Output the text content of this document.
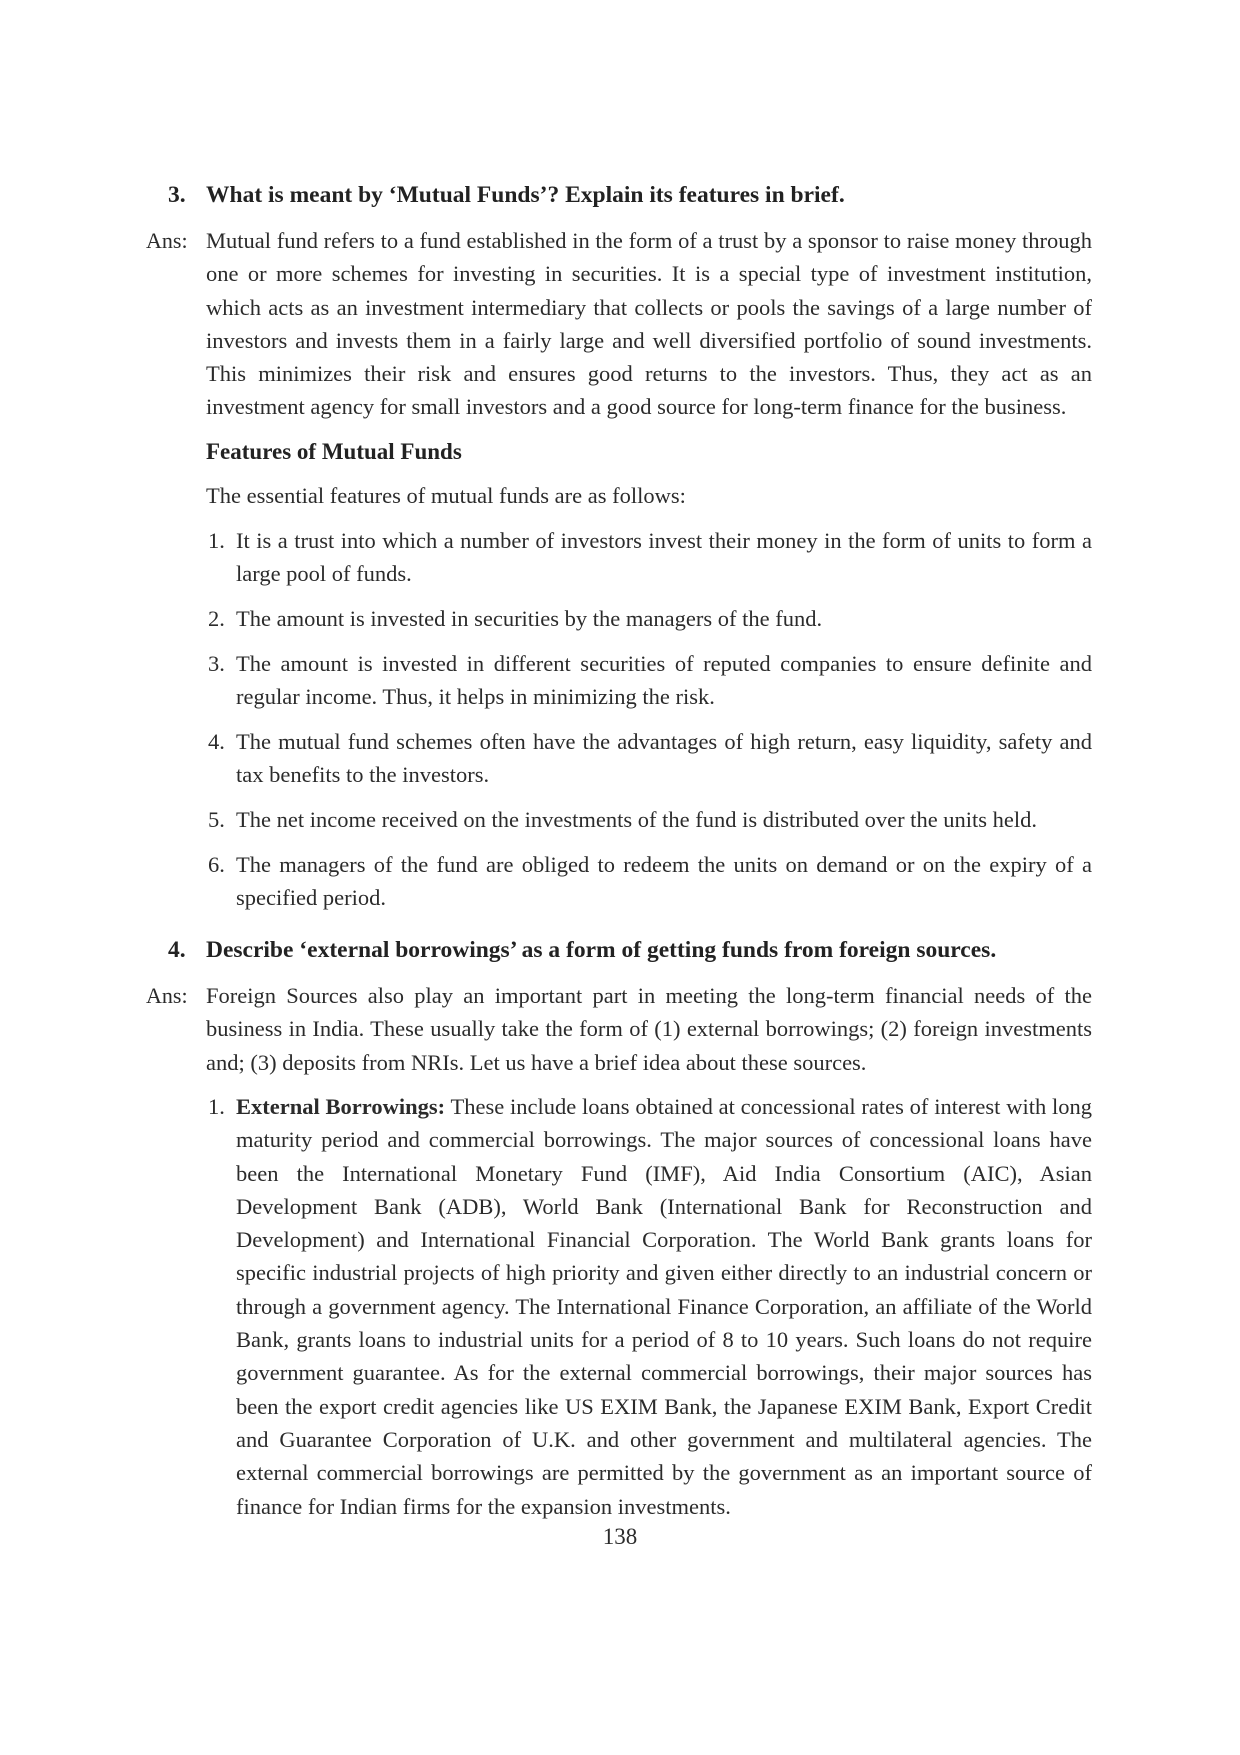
3. What is meant by ‘Mutual Funds’? Explain its features in brief.
Ans: Mutual fund refers to a fund established in the form of a trust by a sponsor to raise money through one or more schemes for investing in securities. It is a special type of investment institution, which acts as an investment intermediary that collects or pools the savings of a large number of investors and invests them in a fairly large and well diversified portfolio of sound investments. This minimizes their risk and ensures good returns to the investors. Thus, they act as an investment agency for small investors and a good source for long-term finance for the business.

Features of Mutual Funds
The essential features of mutual funds are as follows:
1. It is a trust into which a number of investors invest their money in the form of units to form a large pool of funds.
2. The amount is invested in securities by the managers of the fund.
3. The amount is invested in different securities of reputed companies to ensure definite and regular income. Thus, it helps in minimizing the risk.
4. The mutual fund schemes often have the advantages of high return, easy liquidity, safety and tax benefits to the investors.
5. The net income received on the investments of the fund is distributed over the units held.
6. The managers of the fund are obliged to redeem the units on demand or on the expiry of a specified period.
4. Describe ‘external borrowings’ as a form of getting funds from foreign sources.
Ans: Foreign Sources also play an important part in meeting the long-term financial needs of the business in India. These usually take the form of (1) external borrowings; (2) foreign investments and; (3) deposits from NRIs. Let us have a brief idea about these sources.

1. External Borrowings: These include loans obtained at concessional rates of interest with long maturity period and commercial borrowings. The major sources of concessional loans have been the International Monetary Fund (IMF), Aid India Consortium (AIC), Asian Development Bank (ADB), World Bank (International Bank for Reconstruction and Development) and International Financial Corporation. The World Bank grants loans for specific industrial projects of high priority and given either directly to an industrial concern or through a government agency. The International Finance Corporation, an affiliate of the World Bank, grants loans to industrial units for a period of 8 to 10 years. Such loans do not require government guarantee. As for the external commercial borrowings, their major sources has been the export credit agencies like US EXIM Bank, the Japanese EXIM Bank, Export Credit and Guarantee Corporation of U.K. and other government and multilateral agencies. The external commercial borrowings are permitted by the government as an important source of finance for Indian firms for the expansion investments.
138
